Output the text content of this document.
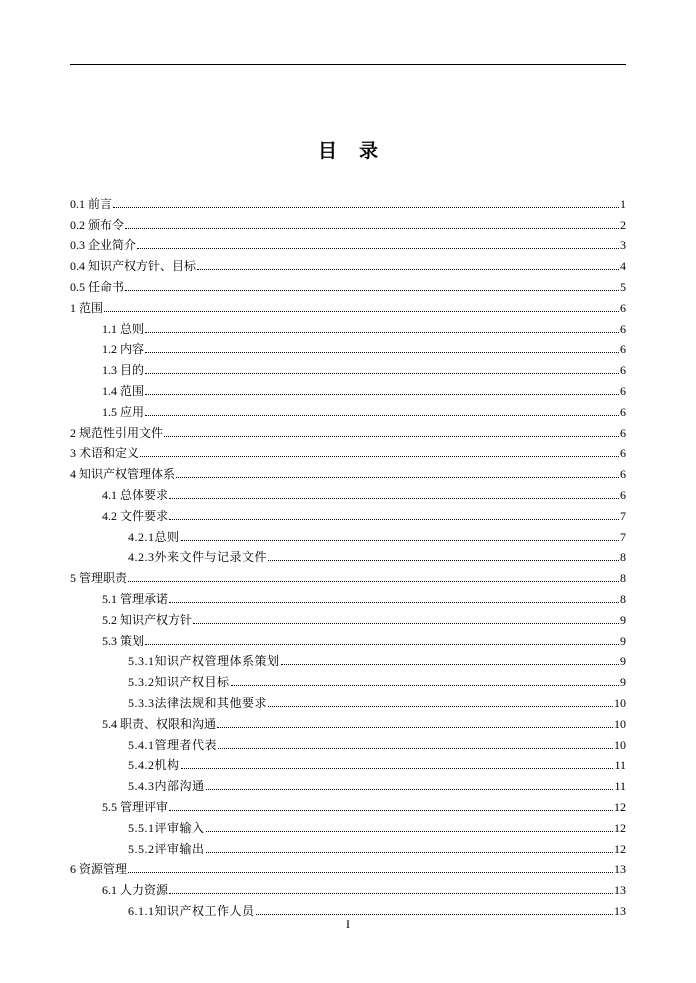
目录
0.1 前言	1
0.2 颁布令	2
0.3 企业简介	3
0.4 知识产权方针、目标	4
0.5 任命书	5
1 范围	6
1.1 总则	6
1.2 内容	6
1.3 目的	6
1.4 范围	6
1.5 应用	6
2 规范性引用文件	6
3 术语和定义	6
4 知识产权管理体系	6
4.1 总体要求	6
4.2 文件要求	7
4.2.1总则	7
4.2.3外来文件与记录文件	8
5 管理职责	8
5.1 管理承诺	8
5.2 知识产权方针	9
5.3 策划	9
5.3.1知识产权管理体系策划	9
5.3.2知识产权目标	9
5.3.3法律法规和其他要求	10
5.4 职责、权限和沟通	10
5.4.1管理者代表	10
5.4.2机构	11
5.4.3内部沟通	11
5.5 管理评审	12
5.5.1评审输入	12
5.5.2评审输出	12
6 资源管理	13
6.1 人力资源	13
6.1.1知识产权工作人员	13
I
